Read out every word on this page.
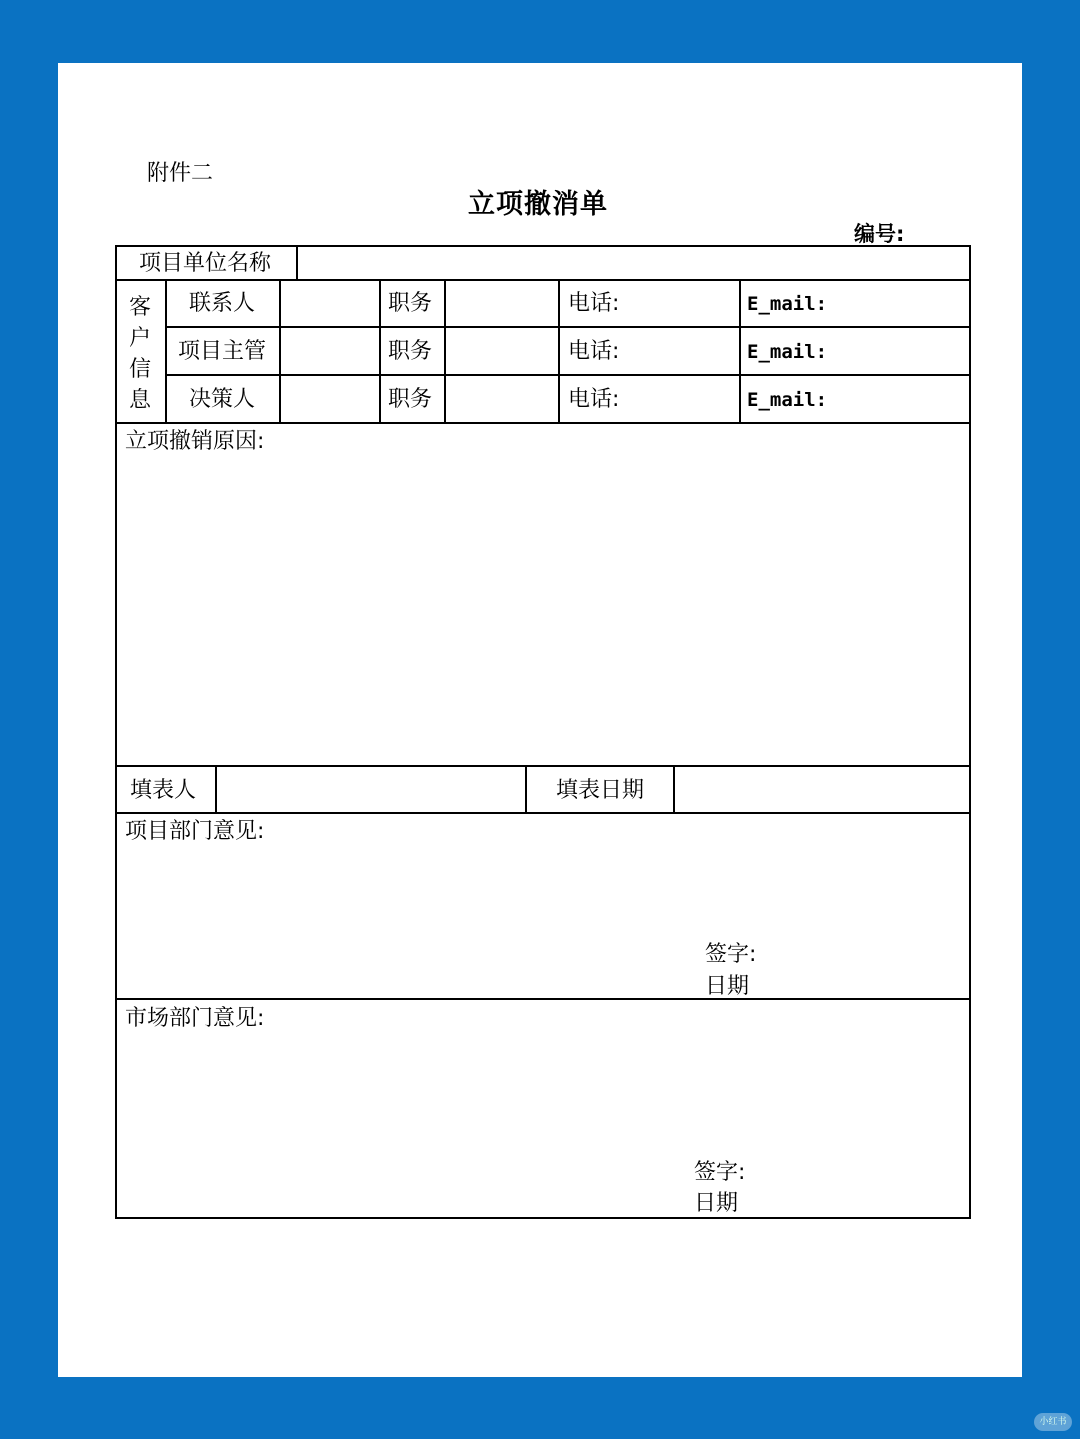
附件二
立项撤消单
编号:
项目单位名称
客
户
信
息
联系人	职务	电话:	E_mail:
项目主管	职务	电话:	E_mail:
决策人	职务	电话:	E_mail:
立项撤销原因:
填表人	填表日期
项目部门意见:
签字:
日期
市场部门意见:
签字:
日期
小红书
